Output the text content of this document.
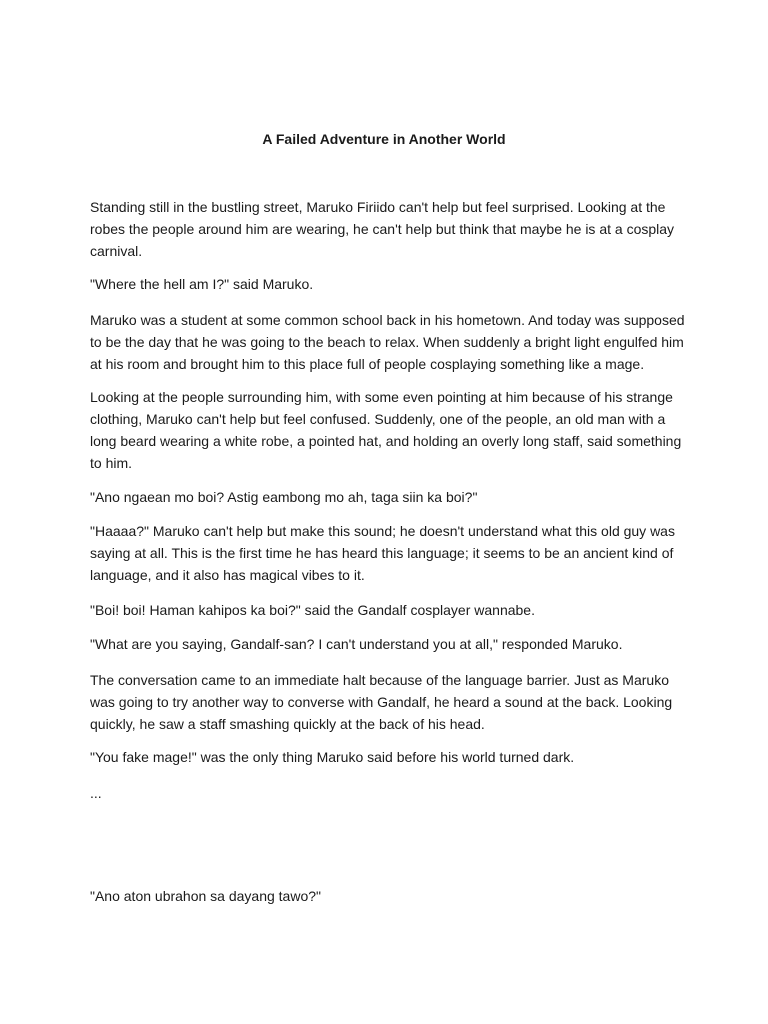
A Failed Adventure in Another World

Standing still in the bustling street, Maruko Firiido can't help but feel surprised. Looking at the robes the people around him are wearing, he can't help but think that maybe he is at a cosplay carnival.

"Where the hell am I?" said Maruko.

Maruko was a student at some common school back in his hometown. And today was supposed to be the day that he was going to the beach to relax. When suddenly a bright light engulfed him at his room and brought him to this place full of people cosplaying something like a mage.

Looking at the people surrounding him, with some even pointing at him because of his strange clothing, Maruko can't help but feel confused. Suddenly, one of the people, an old man with a long beard wearing a white robe, a pointed hat, and holding an overly long staff, said something to him.

"Ano ngaean mo boi? Astig eambong mo ah, taga siin ka boi?"

"Haaaa?" Maruko can't help but make this sound; he doesn't understand what this old guy was saying at all. This is the first time he has heard this language; it seems to be an ancient kind of language, and it also has magical vibes to it.

"Boi! boi! Haman kahipos ka boi?" said the Gandalf cosplayer wannabe.

"What are you saying, Gandalf-san? I can't understand you at all," responded Maruko.

The conversation came to an immediate halt because of the language barrier. Just as Maruko was going to try another way to converse with Gandalf, he heard a sound at the back. Looking quickly, he saw a staff smashing quickly at the back of his head.

"You fake mage!" was the only thing Maruko said before his world turned dark.

...

"Ano aton ubrahon sa dayang tawo?"
